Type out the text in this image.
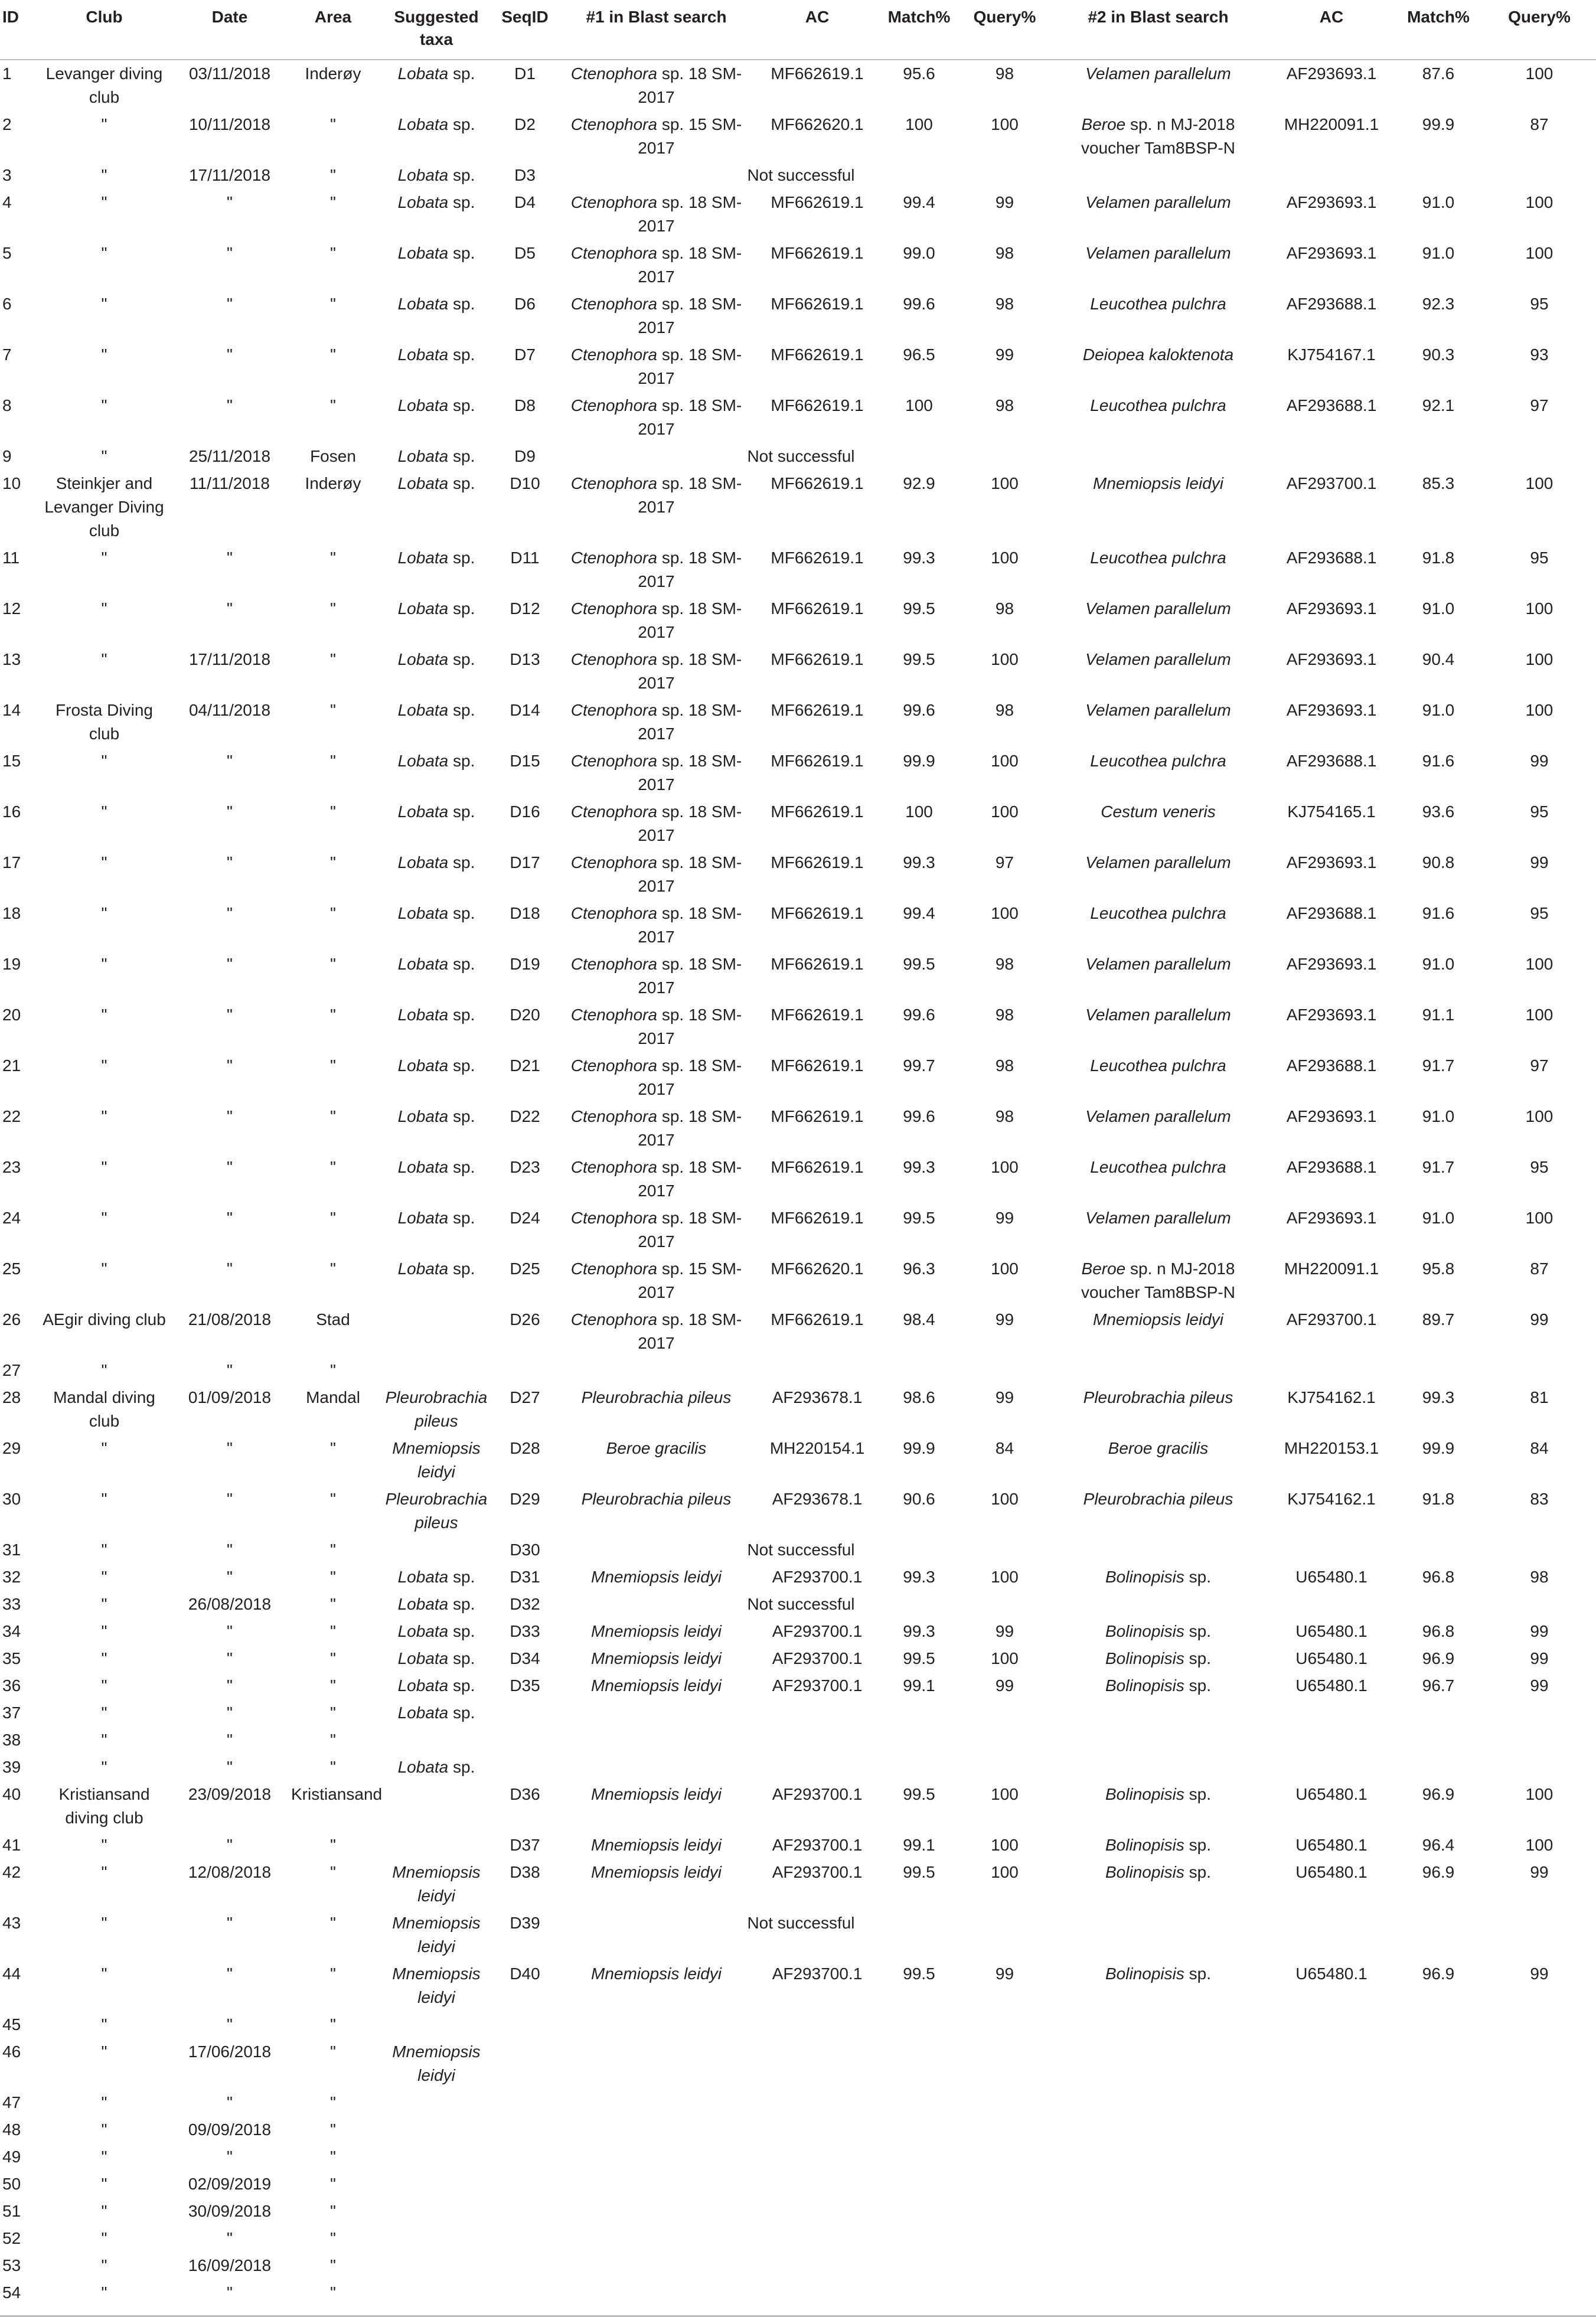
ID	Club	Date	Area	Suggested taxa	SeqID	#1 in Blast search	AC	Match%	Query%	#2 in Blast search	AC	Match%	Query%
1	Levanger diving club	03/11/2018	Inderøy	Lobata sp.	D1	Ctenophora sp. 18 SM-2017	MF662619.1	95.6	98	Velamen parallelum	AF293693.1	87.6	100
2	"	10/11/2018	"	Lobata sp.	D2	Ctenophora sp. 15 SM-2017	MF662620.1	100	100	Beroe sp. n MJ-2018 voucher Tam8BSP-N	MH220091.1	99.9	87
3	"	17/11/2018	"	Lobata sp.	D3	Not successful							
4	"	"	"	Lobata sp.	D4	Ctenophora sp. 18 SM-2017	MF662619.1	99.4	99	Velamen parallelum	AF293693.1	91.0	100
5	"	"	"	Lobata sp.	D5	Ctenophora sp. 18 SM-2017	MF662619.1	99.0	98	Velamen parallelum	AF293693.1	91.0	100
6	"	"	"	Lobata sp.	D6	Ctenophora sp. 18 SM-2017	MF662619.1	99.6	98	Leucothea pulchra	AF293688.1	92.3	95
7	"	"	"	Lobata sp.	D7	Ctenophora sp. 18 SM-2017	MF662619.1	96.5	99	Deiopea kaloktenota	KJ754167.1	90.3	93
8	"	"	"	Lobata sp.	D8	Ctenophora sp. 18 SM-2017	MF662619.1	100	98	Leucothea pulchra	AF293688.1	92.1	97
9	"	25/11/2018	Fosen	Lobata sp.	D9	Not successful							
10	Steinkjer and Levanger Diving club	11/11/2018	Inderøy	Lobata sp.	D10	Ctenophora sp. 18 SM-2017	MF662619.1	92.9	100	Mnemiopsis leidyi	AF293700.1	85.3	100
11	"	"	"	Lobata sp.	D11	Ctenophora sp. 18 SM-2017	MF662619.1	99.3	100	Leucothea pulchra	AF293688.1	91.8	95
12	"	"	"	Lobata sp.	D12	Ctenophora sp. 18 SM-2017	MF662619.1	99.5	98	Velamen parallelum	AF293693.1	91.0	100
13	"	17/11/2018	"	Lobata sp.	D13	Ctenophora sp. 18 SM-2017	MF662619.1	99.5	100	Velamen parallelum	AF293693.1	90.4	100
14	Frosta Diving club	04/11/2018	"	Lobata sp.	D14	Ctenophora sp. 18 SM-2017	MF662619.1	99.6	98	Velamen parallelum	AF293693.1	91.0	100
15	"	"	"	Lobata sp.	D15	Ctenophora sp. 18 SM-2017	MF662619.1	99.9	100	Leucothea pulchra	AF293688.1	91.6	99
16	"	"	"	Lobata sp.	D16	Ctenophora sp. 18 SM-2017	MF662619.1	100	100	Cestum veneris	KJ754165.1	93.6	95
17	"	"	"	Lobata sp.	D17	Ctenophora sp. 18 SM-2017	MF662619.1	99.3	97	Velamen parallelum	AF293693.1	90.8	99
18	"	"	"	Lobata sp.	D18	Ctenophora sp. 18 SM-2017	MF662619.1	99.4	100	Leucothea pulchra	AF293688.1	91.6	95
19	"	"	"	Lobata sp.	D19	Ctenophora sp. 18 SM-2017	MF662619.1	99.5	98	Velamen parallelum	AF293693.1	91.0	100
20	"	"	"	Lobata sp.	D20	Ctenophora sp. 18 SM-2017	MF662619.1	99.6	98	Velamen parallelum	AF293693.1	91.1	100
21	"	"	"	Lobata sp.	D21	Ctenophora sp. 18 SM-2017	MF662619.1	99.7	98	Leucothea pulchra	AF293688.1	91.7	97
22	"	"	"	Lobata sp.	D22	Ctenophora sp. 18 SM-2017	MF662619.1	99.6	98	Velamen parallelum	AF293693.1	91.0	100
23	"	"	"	Lobata sp.	D23	Ctenophora sp. 18 SM-2017	MF662619.1	99.3	100	Leucothea pulchra	AF293688.1	91.7	95
24	"	"	"	Lobata sp.	D24	Ctenophora sp. 18 SM-2017	MF662619.1	99.5	99	Velamen parallelum	AF293693.1	91.0	100
25	"	"	"	Lobata sp.	D25	Ctenophora sp. 15 SM-2017	MF662620.1	96.3	100	Beroe sp. n MJ-2018 voucher Tam8BSP-N	MH220091.1	95.8	87
26	AEgir diving club	21/08/2018	Stad		D26	Ctenophora sp. 18 SM-2017	MF662619.1	98.4	99	Mnemiopsis leidyi	AF293700.1	89.7	99
27	"	"	"										
28	Mandal diving club	01/09/2018	Mandal	Pleurobrachia pileus	D27	Pleurobrachia pileus	AF293678.1	98.6	99	Pleurobrachia pileus	KJ754162.1	99.3	81
29	"	"	"	Mnemiopsis leidyi	D28	Beroe gracilis	MH220154.1	99.9	84	Beroe gracilis	MH220153.1	99.9	84
30	"	"	"	Pleurobrachia pileus	D29	Pleurobrachia pileus	AF293678.1	90.6	100	Pleurobrachia pileus	KJ754162.1	91.8	83
31	"	"	"		D30	Not successful							
32	"	"	"	Lobata sp.	D31	Mnemiopsis leidyi	AF293700.1	99.3	100	Bolinopisis sp.	U65480.1	96.8	98
33	"	26/08/2018	"	Lobata sp.	D32	Not successful							
34	"	"	"	Lobata sp.	D33	Mnemiopsis leidyi	AF293700.1	99.3	99	Bolinopisis sp.	U65480.1	96.8	99
35	"	"	"	Lobata sp.	D34	Mnemiopsis leidyi	AF293700.1	99.5	100	Bolinopisis sp.	U65480.1	96.9	99
36	"	"	"	Lobata sp.	D35	Mnemiopsis leidyi	AF293700.1	99.1	99	Bolinopisis sp.	U65480.1	96.7	99
37	"	"	"	Lobata sp.									
38	"	"	"										
39	"	"	"	Lobata sp.									
40	Kristiansand diving club	23/09/2018	Kristiansand		D36	Mnemiopsis leidyi	AF293700.1	99.5	100	Bolinopisis sp.	U65480.1	96.9	100
41	"	"	"		D37	Mnemiopsis leidyi	AF293700.1	99.1	100	Bolinopisis sp.	U65480.1	96.4	100
42	"	12/08/2018	"	Mnemiopsis leidyi	D38	Mnemiopsis leidyi	AF293700.1	99.5	100	Bolinopisis sp.	U65480.1	96.9	99
43	"	"	"	Mnemiopsis leidyi	D39	Not successful							
44	"	"	"	Mnemiopsis leidyi	D40	Mnemiopsis leidyi	AF293700.1	99.5	99	Bolinopisis sp.	U65480.1	96.9	99
45	"	"	"										
46	"	17/06/2018	"	Mnemiopsis leidyi									
47	"	"	"										
48	"	09/09/2018	"										
49	"	"	"										
50	"	02/09/2019	"										
51	"	30/09/2018	"										
52	"	"	"										
53	"	16/09/2018	"										
54	"	"	"										
